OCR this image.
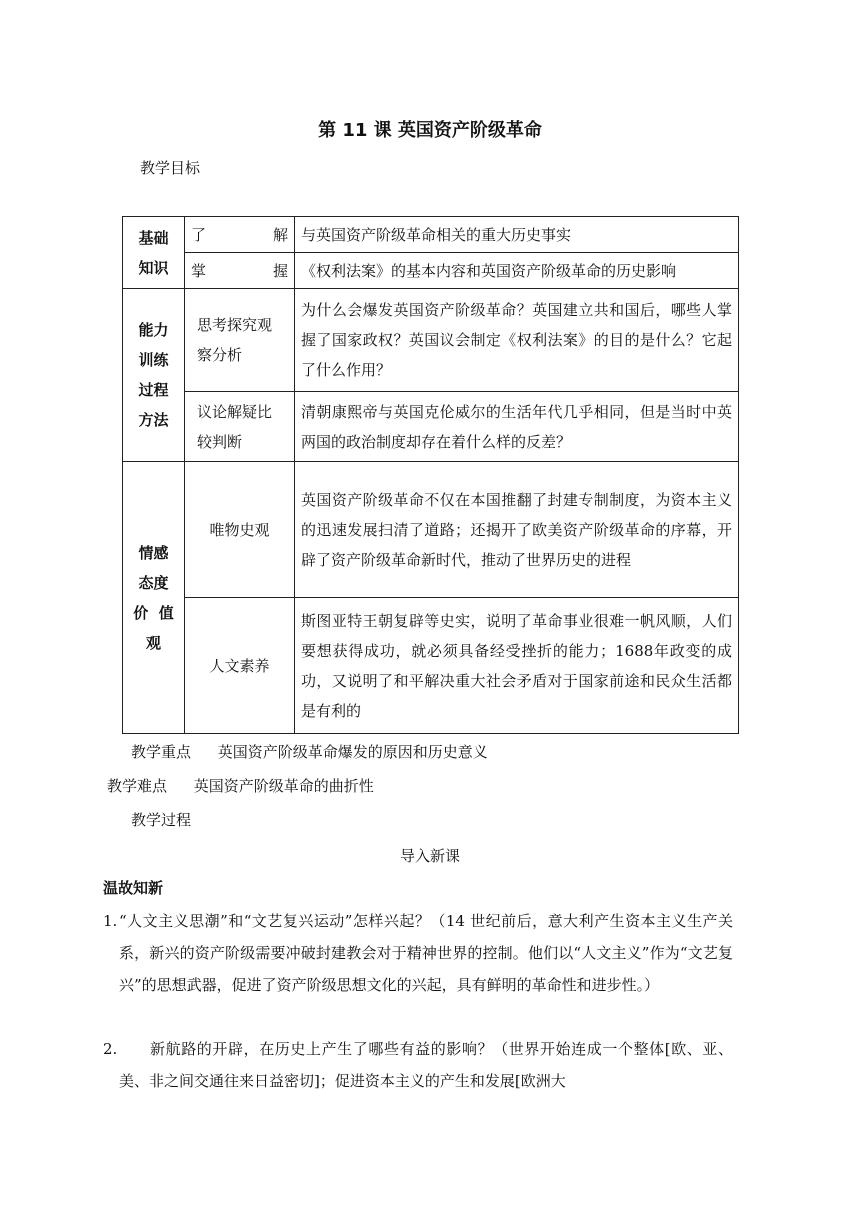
第 11 课 英国资产阶级革命
教学目标
基础
知识	了 解	与英国资产阶级革命相关的重大历史事实

	掌 握	《权利法案》的基本内容和英国资产阶级革命的历史影响

能力
训练
过程
方法	思考探究观察分析	为什么会爆发英国资产阶级革命？英国建立共和国后，哪些人掌握了国家政权？英国议会制定《权利法案》的目的是什么？它起了什么作用？
	议论解疑比较判断	清朝康熙帝与英国克伦威尔的生活年代几乎相同，但是当时中英两国的政治制度却存在着什么样的反差？

情感
态度
价  值
观	唯物史观	英国资产阶级革命不仅在本国推翻了封建专制制度，为资本主义的迅速发展扫清了道路；还揭开了欧美资产阶级革命的序幕，开辟了资产阶级革命新时代，推动了世界历史的进程
	人文素养	斯图亚特王朝复辟等史实，说明了革命事业很难一帆风顺，人们要想获得成功，就必须具备经受挫折的能力；1688年政变的成功，又说明了和平解决重大社会矛盾对于国家前途和民众生活都是有利的
教学重点 英国资产阶级革命爆发的原因和历史意义
教学难点 英国资产阶级革命的曲折性
教学过程
导入新课
温故知新
1. “人文主义思潮”和“文艺复兴运动”怎样兴起？（14 世纪前后，意大利产生资本主义生产关系，新兴的资产阶级需要冲破封建教会对于精神世界的控制。他们以“人文主义”作为“文艺复兴”的思想武器，促进了资产阶级思想文化的兴起，具有鲜明的革命性和进步性。）
2.	新航路的开辟，在历史上产生了哪些有益的影响？（世界开始连成一个整体[欧、亚、美、非之间交通往来日益密切]；促进资本主义的产生和发展[欧洲大
